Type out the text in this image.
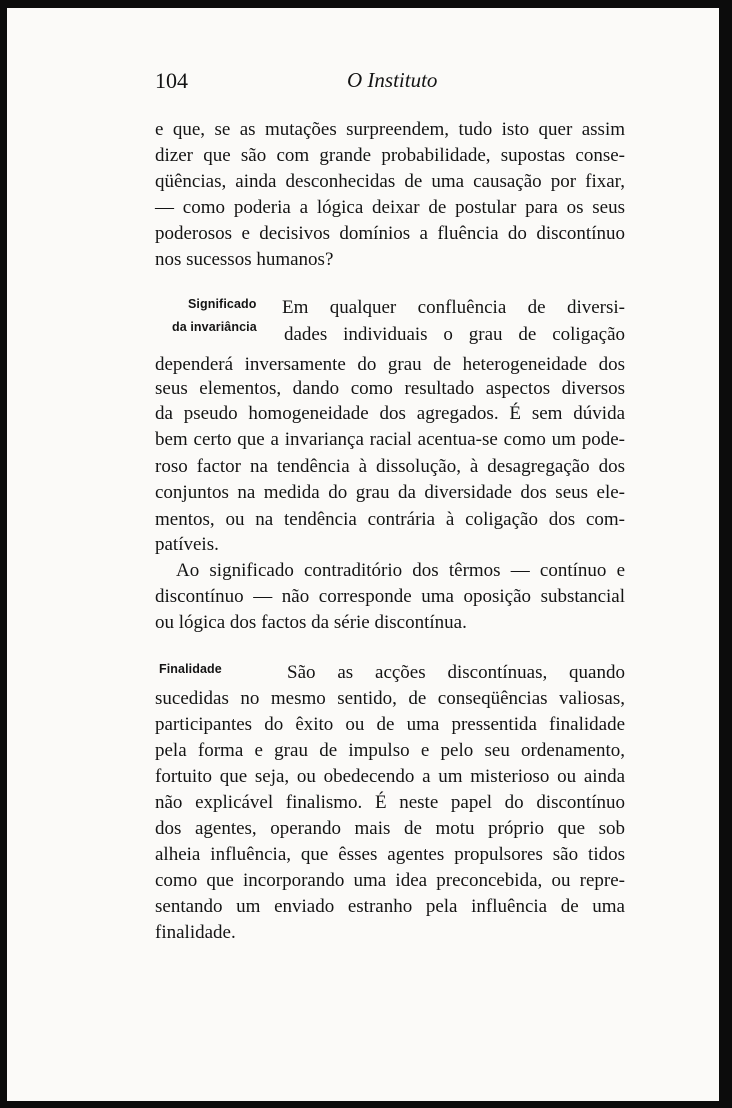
104	O Instituto
e que, se as mutações surpreendem, tudo isto quer assim
dizer que são com grande probabilidade, supostas conse-
qüências, ainda desconhecidas de uma causação por fixar,
— como poderia a lógica deixar de postular para os seus
poderosos e decisivos domínios a fluência do discontínuo
nos sucessos humanos?
Significado
da invariância
Em qualquer confluência de diversi-
dades individuais o grau de coligação
dependerá inversamente do grau de heterogeneidade dos
seus elementos, dando como resultado aspectos diversos
da pseudo homogeneidade dos agregados. É sem dúvida
bem certo que a invariança racial acentua-se como um pode-
roso factor na tendência à dissolução, à desagregação dos
conjuntos na medida do grau da diversidade dos seus ele-
mentos, ou na tendência contrária à coligação dos com-
patíveis.
Ao significado contraditório dos têrmos — contínuo e
discontínuo — não corresponde uma oposição substancial
ou lógica dos factos da série discontínua.
Finalidade	São as acções discontínuas, quando
sucedidas no mesmo sentido, de conseqüências valiosas,
participantes do êxito ou de uma pressentida finalidade
pela forma e grau de impulso e pelo seu ordenamento,
fortuito que seja, ou obedecendo a um misterioso ou ainda
não explicável finalismo. É neste papel do discontínuo
dos agentes, operando mais de motu próprio que sob
alheia influência, que êsses agentes propulsores são tidos
como que incorporando uma idea preconcebida, ou repre-
sentando um enviado estranho pela influência de uma
finalidade.
